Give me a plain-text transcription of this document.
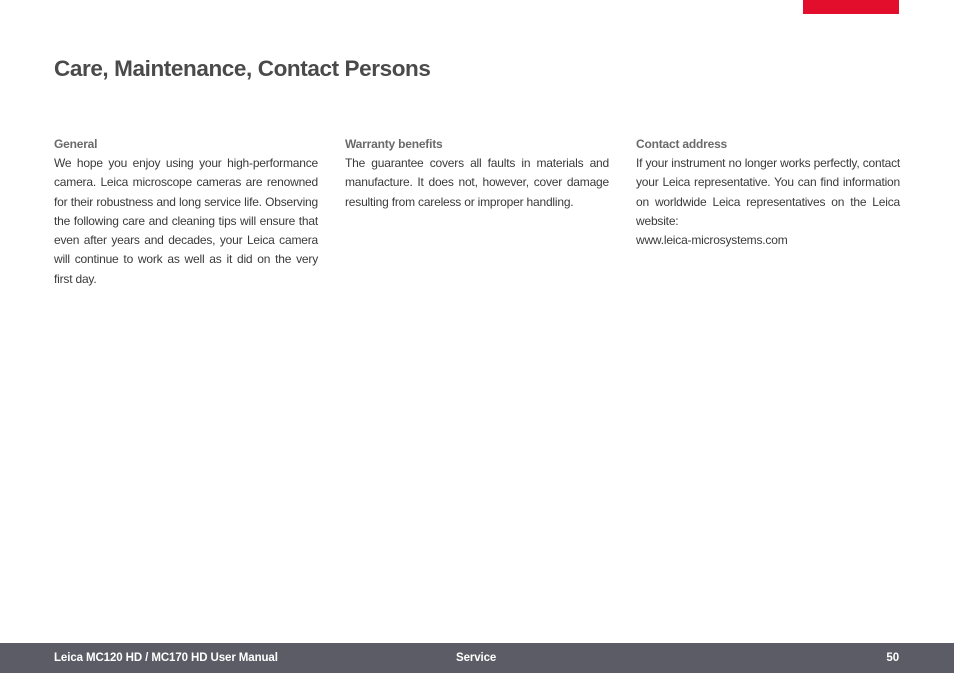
Care, Maintenance, Contact Persons
General

We hope you enjoy using your high-performance camera. Leica microscope cameras are renowned for their robustness and long service life. Observing the following care and cleaning tips will ensure that even after years and decades, your Leica camera will continue to work as well as it did on the very first day.

Warranty benefits

The guarantee covers all faults in materials and manufacture. It does not, however, cover damage resulting from careless or improper handling.

Contact address

If your instrument no longer works perfectly, contact your Leica representative. You can find information on worldwide Leica representatives on the Leica website:

www.leica-microsystems.com
Leica MC120 HD / MC170 HD User Manual	Service	50
